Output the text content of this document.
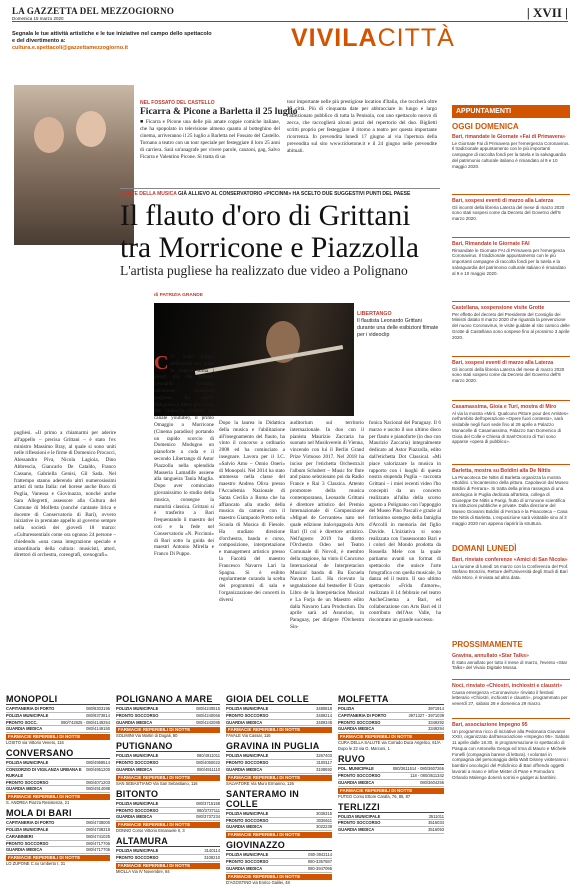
LA GAZZETTA DEL MEZZOGIORNO
Domenica 15 marzo 2020	| XVII |
Segnala le tue attività artistiche e le tue iniziative nel campo dello spettacolo e del divertimento a:
cultura.e.spettacoli@gazzettamezzogiorno.it	VIVILACITTÀ
NEL FOSSATO DEL CASTELLO
Ficarra & Picone a Barletta il 25 luglio
■ Ficarra e Picone una delle più amate coppie comiche italiane, che ha spopolato in televisione almeno quanto al botteghino del cinema, arriveranno il 25 luglio a Barletta nel Fossato del Castello. Tornano a teatro con un tour speciale per festeggiare il loro 25 anni di carriera. Sarà un'anagrafe per vivere parole, canzoni, gag, Salvo Ficarra e Valentino Picone. Si tratta di un
tour importante nelle più prestigiose location d'Italia, che toccherà oltre 25 città. Più di cinquanta date per abbracciare in lungo e largo l'affezionato pubblico di tutta la Penisola, con uno spettacolo nuovo di zecca, che raccoglierà alcuni pezzi del repertorio del duo. Biglietti scritti proprio per festeggiare il ritorno a teatro per questa importante ricorrenza. In prevendita lunedì 17 giugno al via l'apertura della prevendita sul sito www.ticketone.it e il 24 giugno nelle prevendite abituali.
L'ARTE DELLA MUSICA GIÀ ALLIEVO AL CONSERVATORIO «PICCINNI» HA SCELTO DUE SUGGESTIVI PUNTI DEL PAESE
Il flauto d'oro di Grittani
tra Morricone e Piazzolla
L'artista pugliese ha realizzato due video a Polignano
di PATRIZIA GRANDE
LIBERTANGO
Il flautista Leonardo Grittani durante una delle esibizioni filmate per i videoclip
pugliesi. «Il primo a chiamarmi per aderire all'appello – precisa Grittani – è stato l'ex ministro Massimo Bray, al quale si sono uniti nelle riflessioni e le firme di Domenico Procacci, Alessandro Piva, Nicola Lagioia, Dino Abbrescia, Giancarlo De Cataldo, Franco Cassano, Gabriella Genisi, Gil Sada. Nel frattempo stanno aderendo altri numerosissimi artisti di tutta Italia: nel borese anche Buco di Puglia, Vanessa e Giovinazzo, nonché anche Sara Allegretti, assessore alla Cultura del Comune di Molfetta (nonché cantante lirica e docente di Conservatorio di Bari), ovvero iniziative in premiate appello al governo sempre nella società dei giovedì 18 marzo: «Culturessentials come ora ognuno 24 persone – chiedendo «una cassa integrazione speciale e straordinaria della cultura: musicisti, attori, direttori di orchestra, coreografi, scenografi».
C Ci sono luoghi dell'anima nei quali la musica torna i propri più che altrove. Leonardo Grittani, talentuoso musicista pugliese, ha scelto Polignano a Mare per i suoi due videoclip (visibili sul canale youtube), il primo Omaggio a Morricone (Cinema paradiso) portando un rapido scorcio di Domenico Modugno un pianoforte a coda e il secondo Libertango di Astor Piazzolla nella splendida Masseria Lamadife assiene alla tangueira Tania Maglia. Dopo aver cominciato giovanissimo lo studio della musica, consegue la maturità classica. Grittani si è trasferito a Bari frequentando il maestro del coti e la fede nel Conservatorio «N. Piccinni» di Bari sotto la guida dei maestri Antonio Mirella e Franco Di Puppo.
Dopo la laurea in Didattica della musica e l'abilitazione all'insegnamento del flauto, ha vinto il concorso a ordinario 2008 ed ha cominciato a insegnare. Lavora per il I.C. «Salvio Amo – Onnio Oneri» di Monopoli. Nel 2014 ha stato ammesso nella classe del maestro Andrea Oliva presso l'Accademia Nazionale di Santa Cecilia a Roma che ha affiancato alla studio della musica da camera con il maestro Giampaolo Pretto nella Scuola di Musica di Fiesole. Ha studiato direzione d'orchestra, banda e corso, composizione, interpretazione e management artistico presso la Facoltà del maestro Francesco Navarro Lari la Spagna. Si è esibito regolarmente curando la scelta dei programmi di sala e l'organizzazione dei concerti in diversi
auditorium sul territorio internazionale. In duo con il pianista Maurizio Zaccaria ha suonato nel Musikverein di Vienna, vincendo con lui il Berlin Grand Prize Virtuoso 2017. Nel 2018 ha inciso per l'etichetta Orchestra.it l'album Schubert – Music for flute and piano selezionato poi da Radio France e Rai 3 Classica. Attento promotore della musica contemporanea, Leonardo Grittani è direttore artistico del Premio Internazionale di Composizione «Miguel de Cervantes» nato nel quale edizione italo/spagnola Arts Bari (Il coi è direttore artistico. Nell'agosto 2019 ha diretto l'Orchestra Odeo nel Teatro Comunale di Novoli, è membro della stagione, ha vinto il Concurso Internacional de Interpretacion Musical banda di Ba Escuela Navarro Lari. Ha ricevuto la segnalazione dal bestseller Il Gran Libro de la Interpretacion Musical e La Forja de un Maestro edito dalla Navarro Lara Production. Da aprile sarà ad Asuncion, in Paraguay, per dirigere l'Orchestra Sin-
fonica Nacional del Paraguay. Il 6 marzo e uscito il suo ultimo disco per flauto e pianoforte (in duo con Maurizio Zaccaria) integralmente dedicato ad Astor Piazzolla, edito dall'etichetta Dot Classical. «Mi piace valorizzare la musica in rapporto con i luoghi di questa nostra stupenda Puglia – racconta Grittani – i miei recenti video l'ho concepiti da un concerto realizzato all'alba della scorso agosto a Polignano con l'appoggio del Museo Pino Pascali e grazie al fortissimo sostegno della famiglia d'Arcolli in memoria del figlio Davide. L'iniziativa si sono realizzata con l'assessorato Bari e i colori del Mondo prodotta da Rossella Mele con la quale partiamo avanti un format di spettacolo che unisce l'arte fotografica con quella musicale, la danza ed il teatro. Il suo ultimo spettacolo «Frida d'amore», realizzato il 14 febbraio nel teatro AncheCinema a Bari, ed collaborazione con Arts Bari ed il contributo dell'Ass Valle, ha riscontrato un grande successo.
APPUNTAMENTI
OGGI DOMENICA
Bari, rimandate le Giornate «Fai di Primavera»
Le Giornate Fai di Primavera per l'emergenza Coronavirus. Il tradizionale appuntamento con le più importanti campagne di raccolta fondi per la tutela e la salvaguardia del patrimonio culturale italiano è rimandato al 9 e 10 maggio 2020.
Bari, sospesi eventi di marzo alla Laterza
Gli incontri della libreria Laterza del mese di marzo 2020 sono stati sospesi come da Decreto del Governo dell'8 marzo 2020.
Bari, Rimandate le Giornate FAI
Rimandate le Giornate FAI di Primavera per l'emergenza Coronavirus. Il tradizionale appuntamento con le più importanti campagne di raccolta fondi per la tutela e la salvaguardia del patrimonio culturale italiano è rimandato al 9 e 10 maggio 2020.
Castellana, sospensione visite Grotte
Per effetto del decreto del Presidente del Consiglio dei Ministri datato 8 marzo 2020 che riguarda la prevenzione del nuovo Coronavirus, le visite guidate al sito carsico delle Grotte di Castellana sono sospese fino al prossimo 3 aprile 2020.
Bari, sospesi eventi di marzo alla Laterza
Gli incontri della libreria Laterza del mese di marzo 2020 sono stati sospesi come da Decreto del Governo dell'8 marzo 2020.
Casamassima, Gioia e Turi, mostra di Miro
Al via la mostra «Miró. Qualcuno Pittore pour des Artistes» nell'ambito dell'operazione «Opere fuori contesto», sarà visitabile negli fuori sede fino al 29 aprile a Palazzo Monacelle di Casamassima, Palazzo San Domenico di Gioia del Colle e Chiesa di Sant'Oronzo di Turi sono apparse «opera di pubblico».
Barletta, mostra su Boldini alla De Nittis
La Pinacoteca De Nittis di Barletta organizza la mostra «Boldini. L'incantesimo della pittura. Capolavori dal Museo Boldini di Ferrara». Si tratta della prima rassegna di una antologica in Puglia dedicata all'artista, collega di Giuseppe De Nittis a Parigi, frutto di un'unione scientifica tra istituzioni pubbliche e private. Dalla direzione del Museo Giovanni Boldini di Ferrara e la Pinacoteca – Casa De Nittis di Barletta. L'esposizione sarà visitabile sino al 3 maggio 2020 non appena riaprirà la struttura.
DOMANI LUNEDÌ
Bari, rinviate conferenze «Amici di San Nicola»
La riunione di lunedì 16 marzo con la Conferenza del Prof. Stefano Bronzini, Rettore dell'Università degli Studi di Bari Aldo Moro, è rinviata ad altra data.
PROSSIMAMENTE
Gravina, annullato «Star Talks»
È stato annullato per tutto il mese di marzo, l'evento «Star Talks» del Vivaio Digitale Mossa.
Noci, rinviato «Chiostri, inchiostri e claustri»
Causa emergenza «Coronavirus» rinviato il festival letterario «Chiostri, inchiostri e claustri», programmato per venerdì 27, sabato 28 e domenica 29 marzo.
Bari, associazione Impegno 95
Un programma ricco di iniziative alla Pedonaria Giovanni XXIII, organizzato dall'associazione «Impegno 95». Sabato 11 aprile dalle 18.30, in programmazione lo spettacolo di Pasqua con Antonella Genga ed Irma di Mauro e Michele Fonelli (compagnia barese di lettura). I volontari in compagnia del personaggio della Walt Disney visiteranno i bambini oncologici del Policlinico di Bari offrendo oggetti lavorati a mano e infine Mister di Pane e Pomodoro Orlando Malengo donerà sorrisi e gadget ai bambini.
MONOPOLI
CAPITANERIA DI PORTO	080/9303195
POLIZIA MUNICIPALE	080/9373814
PRONTO SOCC.	080/742825 - 080/4149254
GUARDIA MEDICA	080/4149150
FARMACIE REPERIBILI DI NOTTE
LOSITO via Vittorio Veneto, 116
CONVERSANO
POLIZIA MUNICIPALE	080/4959514
CONSORZIO DI VIGILANZA URBANA E RURALE
080/4951200
PRONTO SOCCORSO	080/4071203
GUARDIA MEDICA	080/4914088
FARMACIE REPERIBILI DI NOTTE
S. ANDREA Piazza Resistenza, 21
MOLA DI BARI
CAPITANERIA DI PORTO	080/4738000
POLIZIA MUNICIPALE	080/4738318
CARABINIERI	080/4741025
PRONTO SOCCORSO	080/4717706
GUARDIA MEDICA	080/4717706
FARMACIE REPERIBILI DI NOTTE
LO ZUPONE C.so Umberto I, 31
POLIGNANO A MARE
POLIZIA MUNICIPALE	080/4240515
PRONTO SOCCORSO	080/4240066
GUARDIA MEDICA	080/4242085
FARMACIE REPERIBILI DI NOTTE
SOLIMINI Via Martiri di Dogali, 80
PUTIGNANO
POLIZIA MUNICIPALE	080/4911011
PRONTO SOCCORSO	080/4050022
GUARDIA MEDICA	080/4911110
FARMACIE REPERIBILI DI NOTTE
SAN SEBASTIANO Via San Sebastiano, 116
BITONTO
POLIZIA MUNICIPALE	080/3715158
PRONTO SOCCORSO	080/3737111
GUARDIA MEDICA	080/3737234
FARMACIE REPERIBILI DI NOTTE
DONNO Corso Vittorio Emanuele II, 3
ALTAMURA
POLIZIA MUNICIPALE	3140114
PRONTO SOCCORSO	3108210
FARMACIE REPERIBILI DI NOTTE
MIOLLA Via IV Novembre, 84
GIOIA DEL COLLE
POLIZIA MUNICIPALE	3480818
PRONTO SOCCORSO	3489214
GUARDIA MEDICA	3489348
FARMACIE REPERIBILI DI NOTTE
FAVALE Via Cassar, 116
GRAVINA IN PUGLIA
POLIZIA MUNICIPALE	3267403
PRONTO SOCCORSO	3108117
GUARDIA MEDICA	3108592
FARMACIE REPERIBILI DI NOTTE
SALVATORE Via Muro Ermanno, 126
SANTERAMO IN COLLE
POLIZIA MUNICIPALE	3036315
PRONTO SOCCORSO	3036611
GUARDIA MEDICA	3022239
FARMACIE REPERIBILI DI NOTTE
GIOVINAZZO
POLIZIA MUNICIPALE	080-3942114
PRONTO SOCCORSO	080-3357687
GUARDIA MEDICA	080-3947095
FARMACIE REPERIBILI DI NOTTE
D'AGOSTINO via Enrico Galilei, 48
MOLFETTA
POLIZIA	3971914
CAPITANERIA DI PORTO	3971327 - 3971039
PRONTO SOCCORSO	3349292
GUARDIA MEDICA	3349294
FARMACIE REPERIBILI DI NOTTE
CURA DELLA SALUTE via Corrado Duca Angelico, 61/A · Dopo le 22 via G. Marconi, 1
RUVO
POL. MUNICIPALE	080/3611514 - 080/3607266
PRONTO SOCCORSO	118 - 080/3611342
GUARDIA MEDICA	080/3604256
FARMACIE REPERIBILI DI NOTTE
PUTEO Corso Ettore Carafa, 76, 85, 87
TERLIZZI
POLIZIA MUNICIPALE	3511011
PRONTO SOCCORSO	3516034
GUARDIA MEDICA	3516093
